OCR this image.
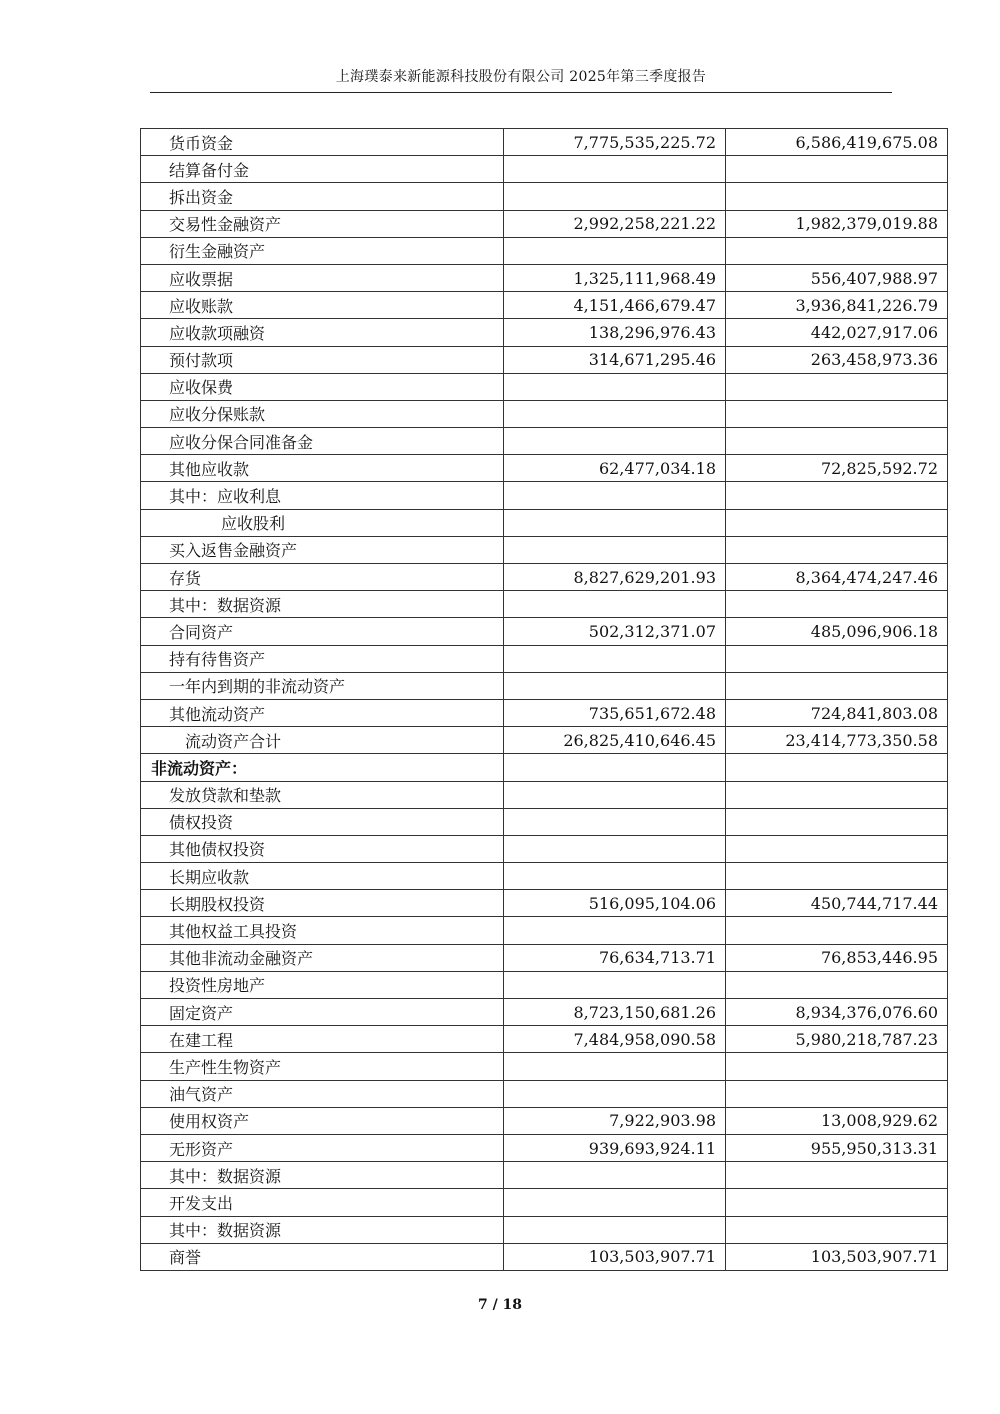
上海璞泰来新能源科技股份有限公司 2025年第三季度报告
货币资金	7,775,535,225.72	6,586,419,675.08
结算备付金		
拆出资金		
交易性金融资产	2,992,258,221.22	1,982,379,019.88
衍生金融资产		
应收票据	1,325,111,968.49	556,407,988.97
应收账款	4,151,466,679.47	3,936,841,226.79
应收款项融资	138,296,976.43	442,027,917.06
预付款项	314,671,295.46	263,458,973.36
应收保费		
应收分保账款		
应收分保合同准备金		
其他应收款	62,477,034.18	72,825,592.72
其中：应收利息		
应收股利		
买入返售金融资产		
存货	8,827,629,201.93	8,364,474,247.46
其中：数据资源		
合同资产	502,312,371.07	485,096,906.18
持有待售资产		
一年内到期的非流动资产		
其他流动资产	735,651,672.48	724,841,803.08
流动资产合计	26,825,410,646.45	23,414,773,350.58
非流动资产：		
发放贷款和垫款		
债权投资		
其他债权投资		
长期应收款		
长期股权投资	516,095,104.06	450,744,717.44
其他权益工具投资		
其他非流动金融资产	76,634,713.71	76,853,446.95
投资性房地产		
固定资产	8,723,150,681.26	8,934,376,076.60
在建工程	7,484,958,090.58	5,980,218,787.23
生产性生物资产		
油气资产		
使用权资产	7,922,903.98	13,008,929.62
无形资产	939,693,924.11	955,950,313.31
其中：数据资源		
开发支出		
其中：数据资源		
商誉	103,503,907.71	103,503,907.71
7 / 18
